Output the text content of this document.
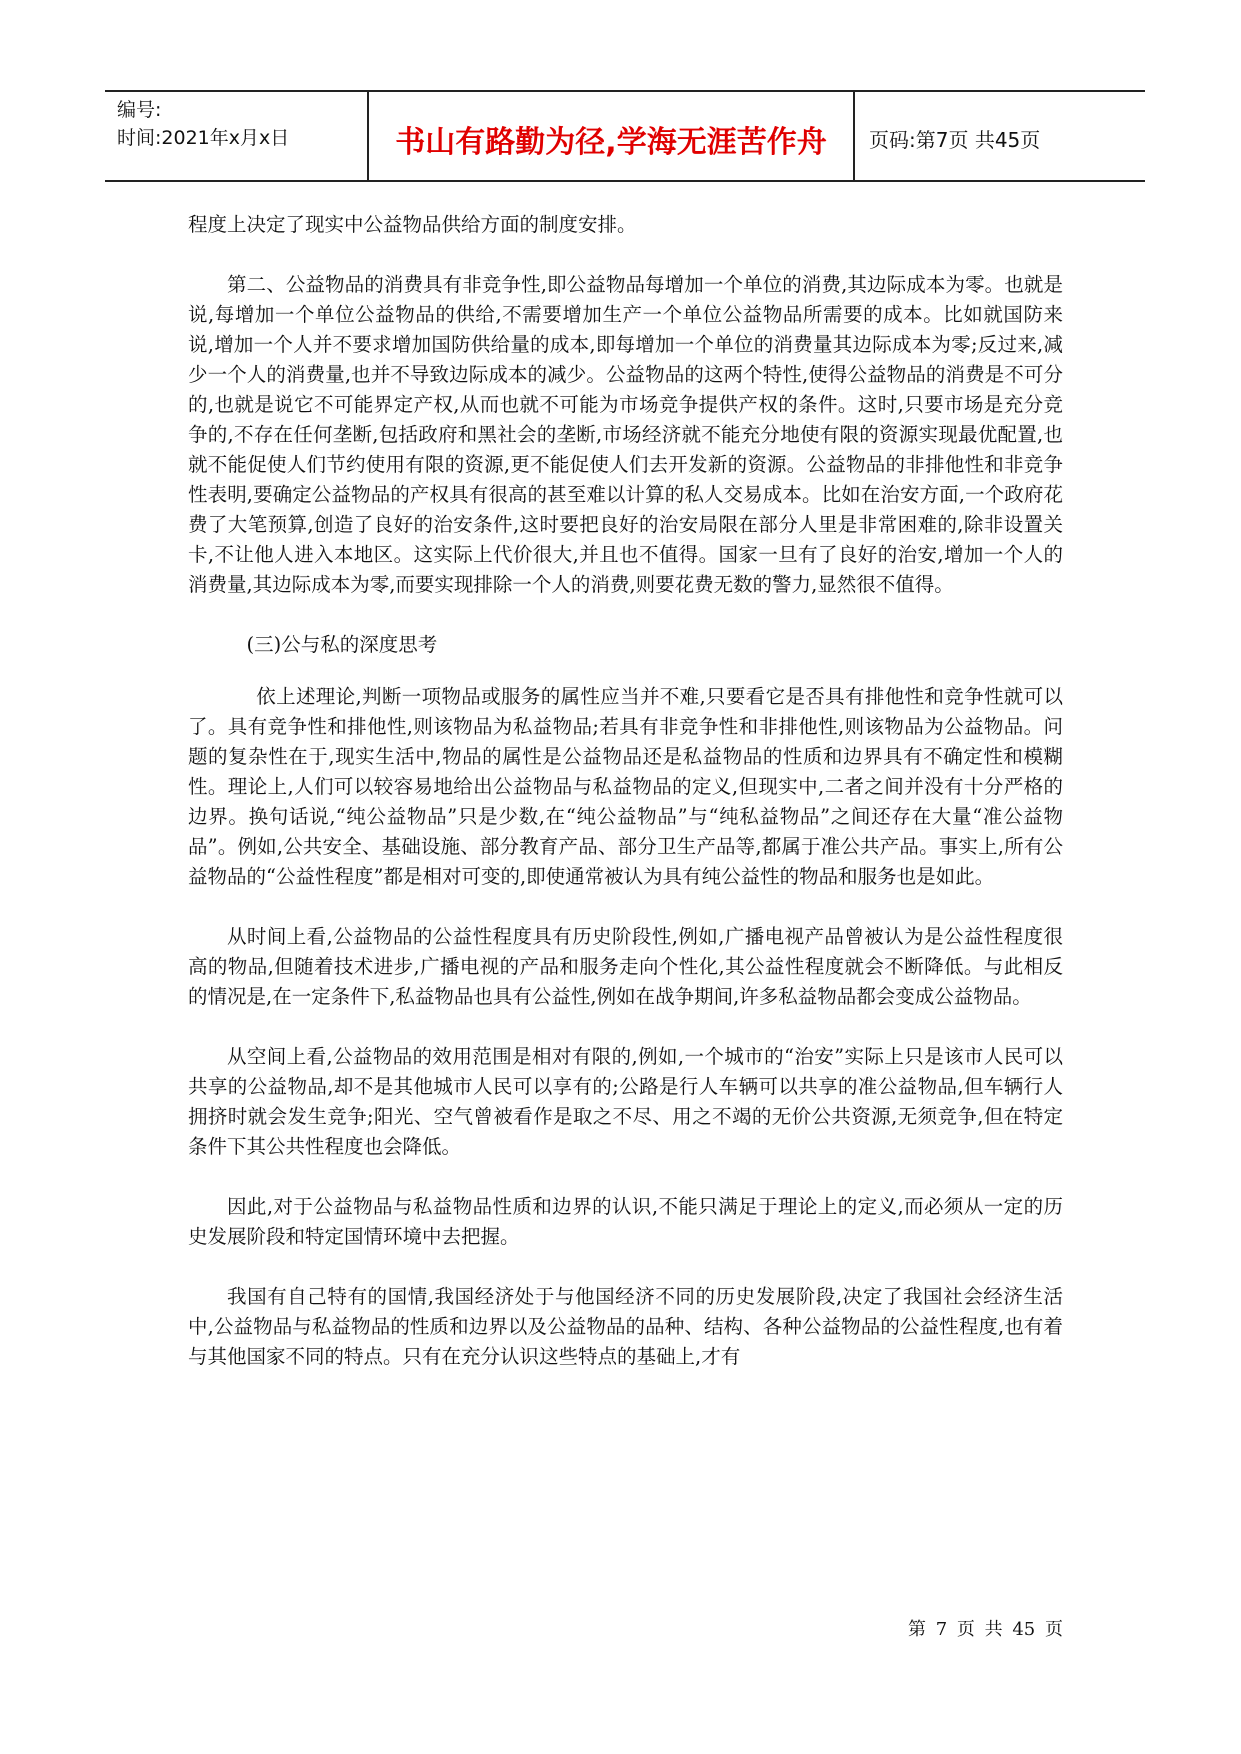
编号:
时间:2021年x月x日	书山有路勤为径,学海无涯苦作舟	页码:第7页 共45页

程度上决定了现实中公益物品供给方面的制度安排。

第二、公益物品的消费具有非竞争性,即公益物品每增加一个单位的消费,其边际成本为零。也就是说,每增加一个单位公益物品的供给,不需要增加生产一个单位公益物品所需要的成本。比如就国防来说,增加一个人并不要求增加国防供给量的成本,即每增加一个单位的消费量其边际成本为零;反过来,减少一个人的消费量,也并不导致边际成本的减少。公益物品的这两个特性,使得公益物品的消费是不可分的,也就是说它不可能界定产权,从而也就不可能为市场竞争提供产权的条件。这时,只要市场是充分竞争的,不存在任何垄断,包括政府和黑社会的垄断,市场经济就不能充分地使有限的资源实现最优配置,也就不能促使人们节约使用有限的资源,更不能促使人们去开发新的资源。公益物品的非排他性和非竞争性表明,要确定公益物品的产权具有很高的甚至难以计算的私人交易成本。比如在治安方面,一个政府花费了大笔预算,创造了良好的治安条件,这时要把良好的治安局限在部分人里是非常困难的,除非设置关卡,不让他人进入本地区。这实际上代价很大,并且也不值得。国家一旦有了良好的治安,增加一个人的消费量,其边际成本为零,而要实现排除一个人的消费,则要花费无数的警力,显然很不值得。

(三)公与私的深度思考

依上述理论,判断一项物品或服务的属性应当并不难,只要看它是否具有排他性和竞争性就可以了。具有竞争性和排他性,则该物品为私益物品;若具有非竞争性和非排他性,则该物品为公益物品。问题的复杂性在于,现实生活中,物品的属性是公益物品还是私益物品的性质和边界具有不确定性和模糊性。理论上,人们可以较容易地给出公益物品与私益物品的定义,但现实中,二者之间并没有十分严格的边界。换句话说,“纯公益物品”只是少数,在“纯公益物品”与“纯私益物品”之间还存在大量“准公益物品”。例如,公共安全、基础设施、部分教育产品、部分卫生产品等,都属于准公共产品。事实上,所有公益物品的“公益性程度”都是相对可变的,即使通常被认为具有纯公益性的物品和服务也是如此。

从时间上看,公益物品的公益性程度具有历史阶段性,例如,广播电视产品曾被认为是公益性程度很高的物品,但随着技术进步,广播电视的产品和服务走向个性化,其公益性程度就会不断降低。与此相反的情况是,在一定条件下,私益物品也具有公益性,例如在战争期间,许多私益物品都会变成公益物品。

从空间上看,公益物品的效用范围是相对有限的,例如,一个城市的“治安”实际上只是该市人民可以共享的公益物品,却不是其他城市人民可以享有的;公路是行人车辆可以共享的准公益物品,但车辆行人拥挤时就会发生竞争;阳光、空气曾被看作是取之不尽、用之不竭的无价公共资源,无须竞争,但在特定条件下其公共性程度也会降低。

因此,对于公益物品与私益物品性质和边界的认识,不能只满足于理论上的定义,而必须从一定的历史发展阶段和特定国情环境中去把握。

我国有自己特有的国情,我国经济处于与他国经济不同的历史发展阶段,决定了我国社会经济生活中,公益物品与私益物品的性质和边界以及公益物品的品种、结构、各种公益物品的公益性程度,也有着与其他国家不同的特点。只有在充分认识这些特点的基础上,才有

第 7 页 共 45 页
